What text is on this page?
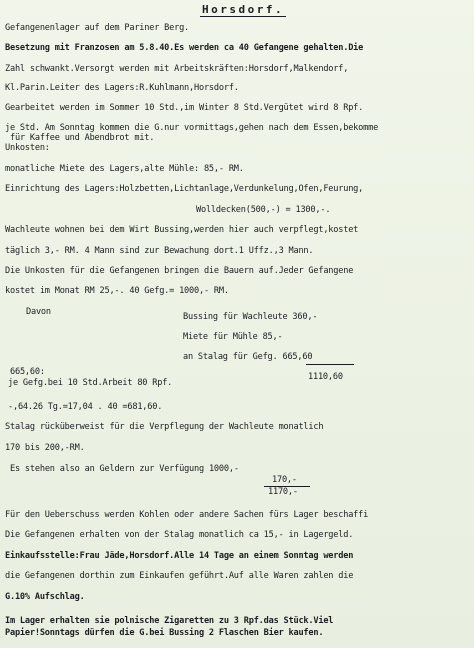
Horsdorf.
Gefangenenlager auf dem Pariner Berg.
Besetzung mit Franzosen am 5.8.40.Es werden ca 40 Gefangene gehalten.Die
Zahl schwankt.Versorgt werden mit Arbeitskräften:Horsdorf,Malkendorf,
Kl.Parin.Leiter des Lagers:R.Kuhlmann,Horsdorf.
Gearbeitet werden im Sommer 10 Std.,im Winter 8 Std.Vergütet wird 8 Rpf.
je Std. Am Sonntag kommen die G.nur vormittags,gehen nach dem Essen,bekomme
für Kaffee und Abendbrot mit.
Unkosten:
monatliche Miete des Lagers,alte Mühle: 85,- RM.
Einrichtung des Lagers:Holzbetten,Lichtanlage,Verdunkelung,Ofen,Feurung,
Wolldecken(500,-) = 1300,-.
Wachleute wohnen bei dem Wirt Bussing,werden hier auch verpflegt,kostet
täglich 3,- RM. 4 Mann sind zur Bewachung dort.1 Uffz.,3 Mann.
Die Unkosten für die Gefangenen bringen die Bauern auf.Jeder Gefangene
kostet im Monat RM 25,-. 40 Gefg.= 1000,- RM.
Davon	Bussing für Wachleute 360,-
Miete für Mühle 85,-
an Stalag für Gefg. 665,60
1110,60
665,60:
je Gefg.bei 10 Std.Arbeit 80 Rpf.
-,64.26 Tg.=17,04 . 40 =681,60.
Stalag rücküberweist für die Verpflegung der Wachleute monatlich
170 bis 200,-RM.
Es stehen also an Geldern zur Verfügung 1000,-
170,-
1170,-
Für den Ueberschuss werden Kohlen oder andere Sachen fürs Lager beschaffi
Die Gefangenen erhalten von der Stalag monatlich ca 15,- in Lagergeld.
Einkaufsstelle:Frau Jäde,Horsdorf.Alle 14 Tage an einem Sonntag werden
die Gefangenen dorthin zum Einkaufen geführt.Auf alle Waren zahlen die
G.10% Aufschlag.
Im Lager erhalten sie polnische Zigaretten zu 3 Rpf.das Stück.Viel
Papier!Sonntags dürfen die G.bei Bussing 2 Flaschen Bier kaufen.
